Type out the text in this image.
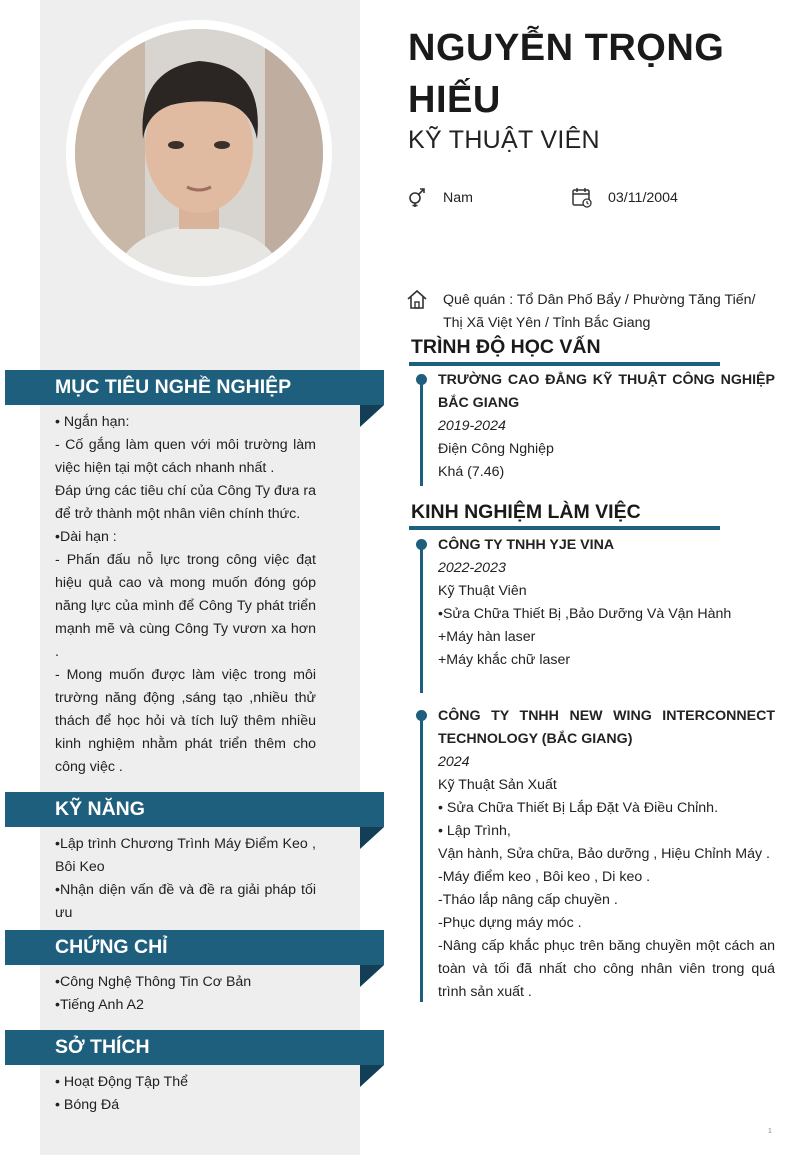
NGUYỄN TRỌNG HIẾU
KỸ THUẬT VIÊN
Nam	03/11/2004
Quê quán : Tổ Dân Phố Bẩy / Phường Tăng Tiến/ Thị Xã Việt Yên / Tỉnh Bắc Giang
MỤC TIÊU NGHỀ NGHIỆP

• Ngắn hạn:

- Cố gắng làm quen với môi trường làm việc hiện tại một cách nhanh nhất .

Đáp ứng các tiêu chí của Công Ty đưa ra để trở thành một nhân viên chính thức.

•Dài hạn :

- Phấn đấu nỗ lực trong công việc đạt hiệu quả cao và mong muốn đóng góp năng lực của mình để Công Ty phát triển mạnh mẽ và cùng Công Ty vươn xa hơn .

- Mong muốn được làm việc trong môi trường năng động ,sáng tạo ,nhiều thử thách để học hỏi và tích luỹ thêm nhiều kinh nghiệm nhằm phát triển thêm cho công việc .

KỸ NĂNG

•Lập trình Chương Trình Máy Điểm Keo , Bôi Keo

•Nhận diện vấn đề và đề ra giải pháp tối ưu

CHỨNG CHỈ

•Công Nghệ Thông Tin Cơ Bản

•Tiếng Anh A2

SỞ THÍCH

• Hoạt Động Tập Thể

• Bóng Đá

TRÌNH ĐỘ HỌC VẤN

TRƯỜNG CAO ĐẲNG KỸ THUẬT CÔNG NGHIỆP BẮC GIANG

2019-2024

Điện Công Nghiệp

Khá (7.46)

KINH NGHIỆM LÀM VIỆC

CÔNG TY TNHH YJE VINA

2022-2023

Kỹ Thuật Viên

•Sửa Chữa Thiết Bị ,Bảo Dưỡng Và Vận Hành

+Máy hàn laser

+Máy khắc chữ laser

CÔNG TY TNHH NEW WING INTERCONNECT TECHNOLOGY (BẮC GIANG)

2024

Kỹ Thuật Sản Xuất

• Sửa Chữa Thiết Bị Lắp Đặt Và Điều Chỉnh.

• Lập Trình,

Vận hành, Sửa chữa, Bảo dưỡng , Hiệu Chỉnh Máy .

-Máy điểm keo , Bôi keo , Di keo .

-Tháo lắp nâng cấp chuyền .

-Phục dựng máy móc .

-Nâng cấp khắc phục trên băng chuyền một cách an toàn và tối đã nhất cho công nhân viên trong quá trình sản xuất .

1
